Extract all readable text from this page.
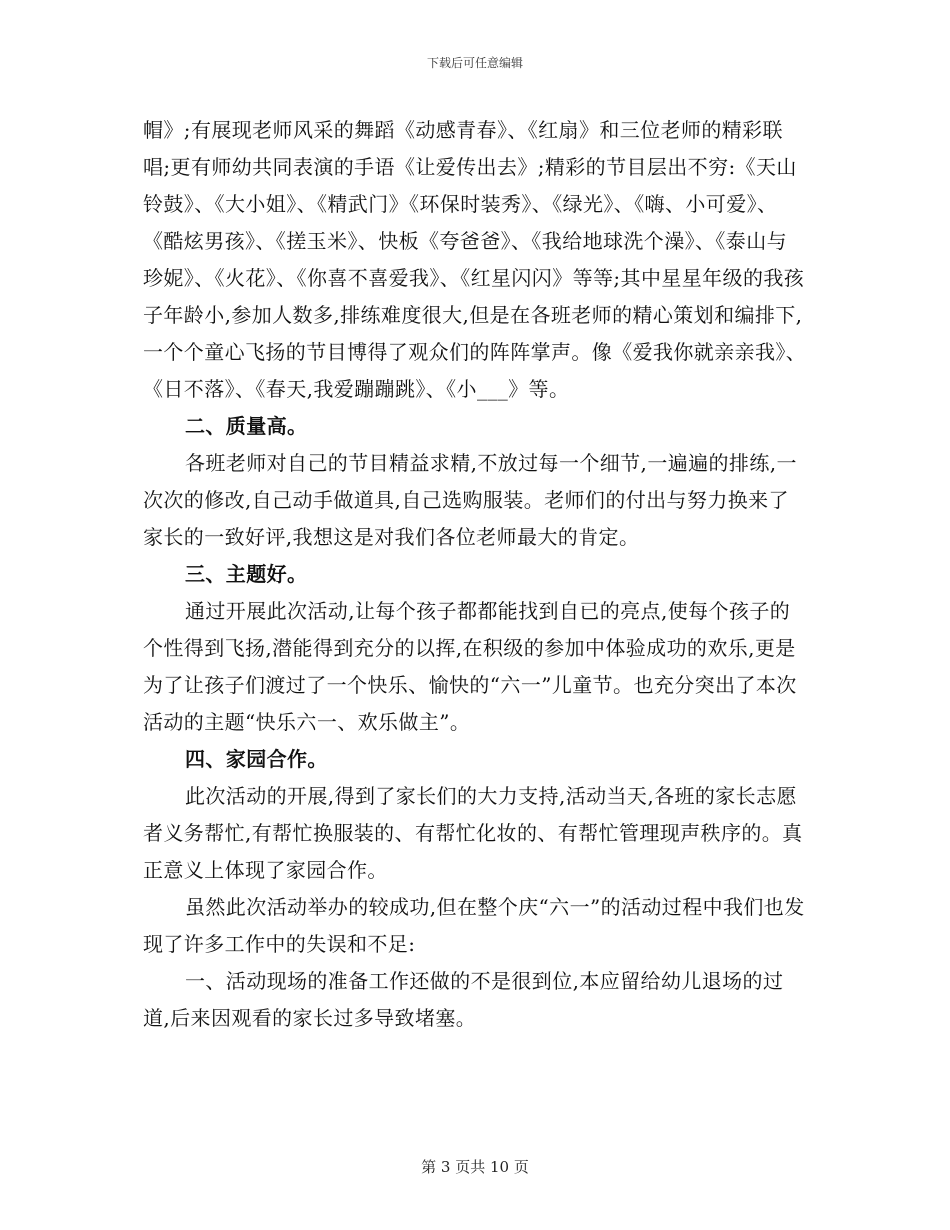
下载后可任意编辑

帽》;有展现老师风采的舞蹈《动感青春》、《红扇》和三位老师的精彩联唱;更有师幼共同表演的手语《让爱传出去》;精彩的节目层出不穷:《天山铃鼓》、《大小姐》、《精武门》《环保时装秀》、《绿光》、《嗨、小可爱》、《酷炫男孩》、《搓玉米》、快板《夸爸爸》、《我给地球洗个澡》、《泰山与珍妮》、《火花》、《你喜不喜爱我》、《红星闪闪》等等;其中星星年级的我孩子年龄小,参加人数多,排练难度很大,但是在各班老师的精心策划和编排下,一个个童心飞扬的节目博得了观众们的阵阵掌声。像《爱我你就亲亲我》、《日不落》、《春天,我爱蹦蹦跳》、《小___》等。

二、质量高。

各班老师对自己的节目精益求精,不放过每一个细节,一遍遍的排练,一次次的修改,自己动手做道具,自己选购服装。老师们的付出与努力换来了家长的一致好评,我想这是对我们各位老师最大的肯定。

三、主题好。

通过开展此次活动,让每个孩子都都能找到自已的亮点,使每个孩子的个性得到飞扬,潜能得到充分的以挥,在积级的参加中体验成功的欢乐,更是为了让孩子们渡过了一个快乐、愉快的“六一”儿童节。也充分突出了本次活动的主题“快乐六一、欢乐做主”。

四、家园合作。

此次活动的开展,得到了家长们的大力支持,活动当天,各班的家长志愿者义务帮忙,有帮忙换服装的、有帮忙化妆的、有帮忙管理现声秩序的。真正意义上体现了家园合作。

虽然此次活动举办的较成功,但在整个庆“六一”的活动过程中我们也发现了许多工作中的失误和不足:

一、活动现场的准备工作还做的不是很到位,本应留给幼儿退场的过道,后来因观看的家长过多导致堵塞。

第 3 页共 10 页
